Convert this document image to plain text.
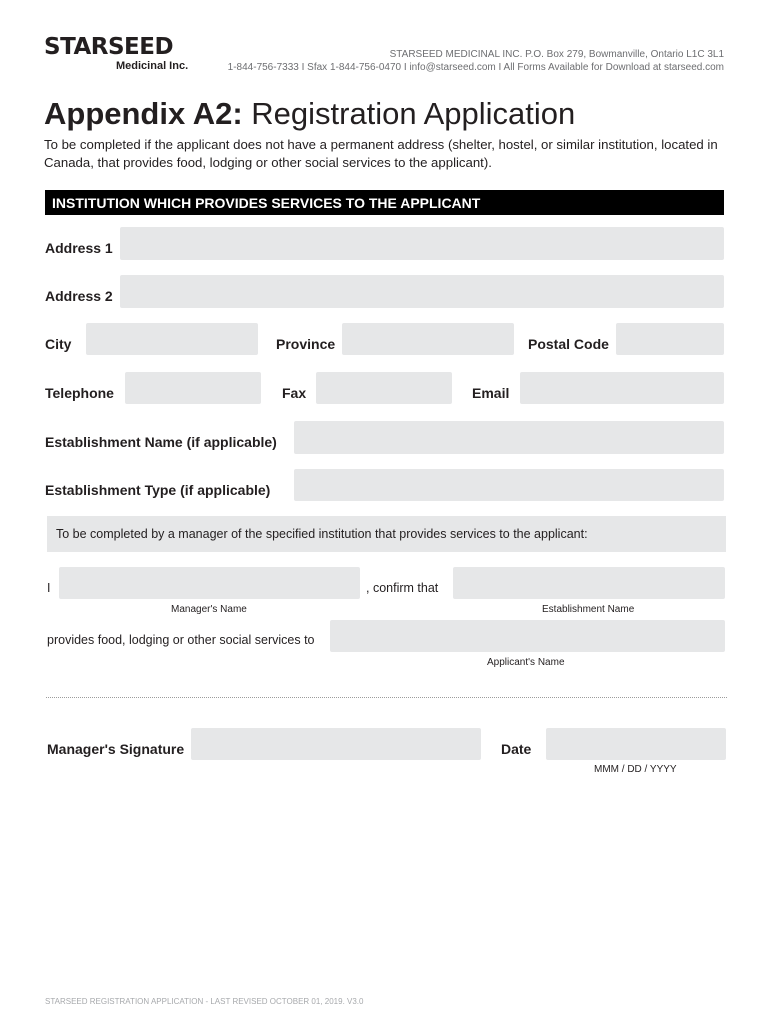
STARSEED
Medicinal Inc.
STARSEED MEDICINAL INC. P.O. Box 279, Bowmanville, Ontario L1C 3L1
1-844-756-7333 I Sfax 1-844-756-0470 I info@starseed.com I All Forms Available for Download at starseed.com
Appendix A2: Registration Application
To be completed if the applicant does not have a permanent address (shelter, hostel, or similar institution, located in Canada, that provides food, lodging or other social services to the applicant).
INSTITUTION WHICH PROVIDES SERVICES TO THE APPLICANT
Address 1
Address 2
City	Province	Postal Code
Telephone	Fax	Email
Establishment Name (if applicable)
Establishment Type (if applicable)
To be completed by a manager of the specified institution that provides services to the applicant:
I	, confirm that
Manager's Name	Establishment Name
provides food, lodging or other social services to
Applicant's Name
Manager's Signature	Date
MMM / DD / YYYY
STARSEED REGISTRATION APPLICATION - LAST REVISED OCTOBER 01, 2019. V3.0
